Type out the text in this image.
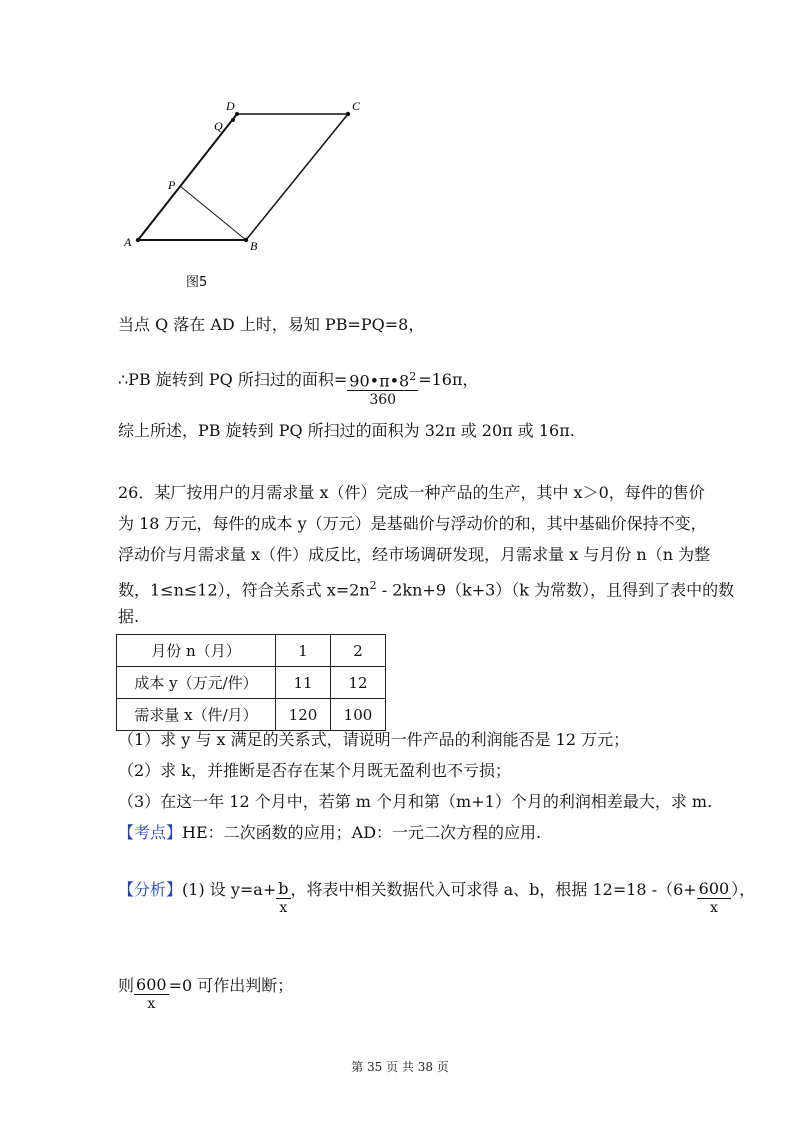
A	B
C
D
Q
P
图5
当点 Q 落在 AD 上时，易知 PB=PQ=8，
∴PB 旋转到 PQ 所扫过的面积= $\frac{90•\pi•8^2}{360} =16\pi$，
综上所述，PB 旋转到 PQ 所扫过的面积为 32π 或 20π 或 16π.
26．某厂按用户的月需求量 x（件）完成一种产品的生产，其中 x＞0，每件的售价
为 18 万元，每件的成本 y（万元）是基础价与浮动价的和，其中基础价保持不变，
浮动价与月需求量 x（件）成反比，经市场调研发现，月需求量 x 与月份 n（n 为整
数，1≤n≤12），符合关系式 $x=2n^2 - 2kn+9(k+3)(k$ 为常数），且得到了表中的数
据.
月份 n（月）	1	2
成本 y（万元/件）	11	12
需求量 x（件/月）	120	100
（1）求 y 与 x 满足的关系式，请说明一件产品的利润能否是 12 万元；
（2）求 k，并推断是否存在某个月既无盈利也不亏损；
（3）在这一年 12 个月中，若第 m 个月和第（m+1）个月的利润相差最大，求 m.
【考点】HE：二次函数的应用；AD：一元二次方程的应用.
【分析】(1) 设 $y=a+ \frac{b}{x}$ ，将表中相关数据代入可求得 a、b，根据 12=18 $-(6+ \frac{600}{x}$ ），
则 $\frac{600}{x} =0$ 可作出判断；
第 35 页 共 38 页
